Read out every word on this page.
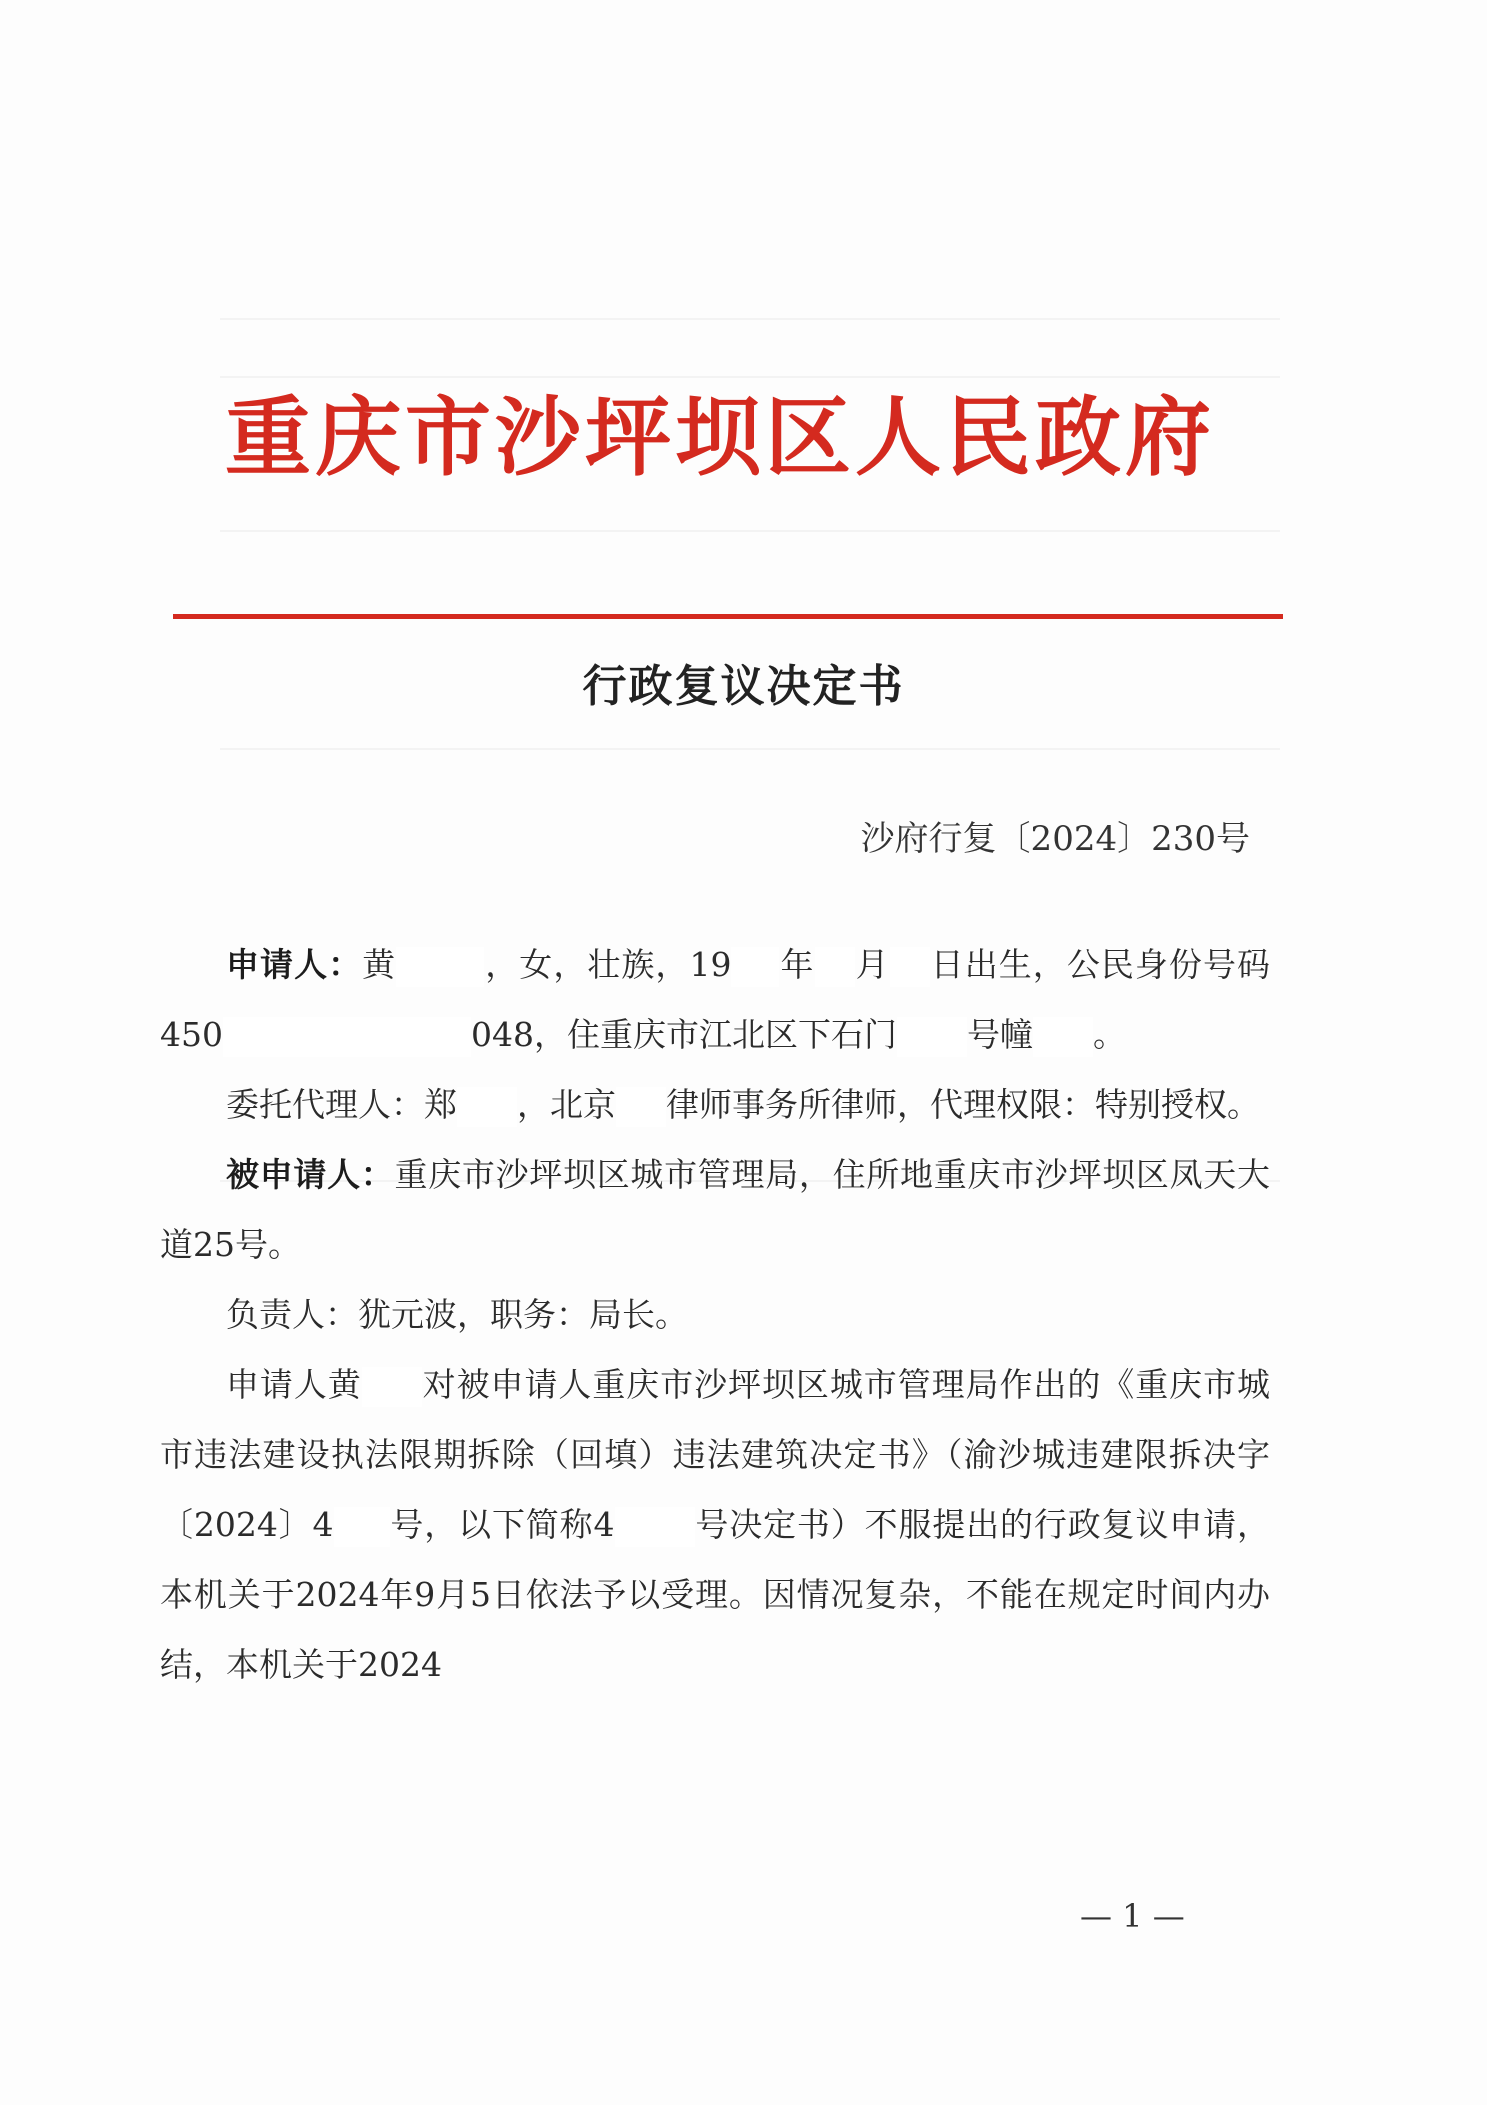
重庆市沙坪坝区人民政府
行政复议决定书
沙府行复〔2024〕230号

申请人：黄	，女，壮族，19 年 月 日出生，公民身份号码450	048，住重庆市江北区下石门 号幢 。

委托代理人：郑 ，北京 律师事务所律师，代理权限：特别授权。

被申请人：重庆市沙坪坝区城市管理局，住所地重庆市沙坪坝区凤天大道25号。

负责人：犹元波，职务：局长。

申请人黄 对被申请人重庆市沙坪坝区城市管理局作出的《重庆市城市违法建设执法限期拆除（回填）违法建筑决定书》（渝沙城违建限拆决字〔2024〕4 号，以下简称4 号决定书）不服提出的行政复议申请，本机关于2024年9月5日依法予以受理。因情况复杂，不能在规定时间内办结，本机关于2024

— 1 —
